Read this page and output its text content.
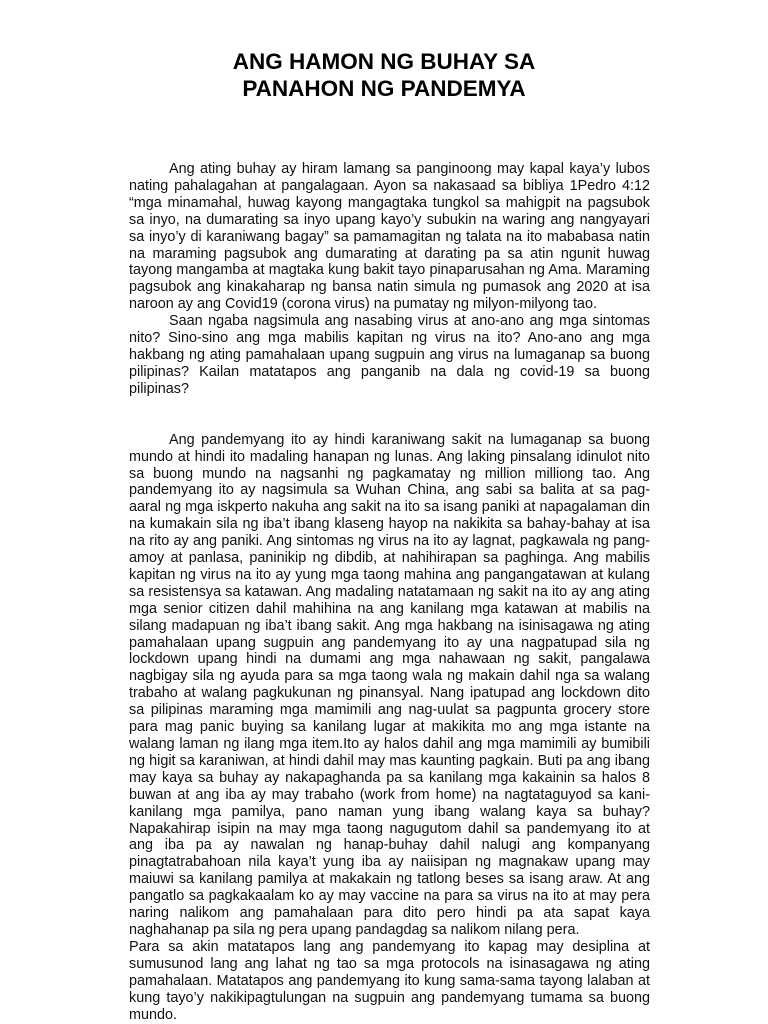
ANG HAMON NG BUHAY SA
PANAHON NG PANDEMYA

Ang ating buhay ay hiram lamang sa panginoong may kapal kaya’y lubos nating pahalagahan at pangalagaan. Ayon sa nakasaad sa bibliya 1Pedro 4:12 “mga minamahal, huwag kayong mangagtaka tungkol sa mahigpit na pagsubok sa inyo, na dumarating sa inyo upang kayo’y subukin na waring ang nangyayari sa inyo’y di karaniwang bagay” sa pamamagitan ng talata na ito mababasa natin na maraming pagsubok ang dumarating at darating pa sa atin ngunit huwag tayong mangamba at magtaka kung bakit tayo pinaparusahan ng Ama. Maraming pagsubok ang kinakaharap ng bansa natin simula ng pumasok ang 2020 at isa naroon ay ang Covid19 (corona virus) na pumatay ng milyon-milyong tao.

Saan ngaba nagsimula ang nasabing virus at ano-ano ang mga sintomas nito? Sino-sino ang mga mabilis kapitan ng virus na ito? Ano-ano ang mga hakbang ng ating pamahalaan upang sugpuin ang virus na lumaganap sa buong pilipinas? Kailan matatapos ang panganib na dala ng covid-19 sa buong pilipinas?

Ang pandemyang ito ay hindi karaniwang sakit na lumaganap sa buong mundo at hindi ito madaling hanapan ng lunas. Ang laking pinsalang idinulot nito sa buong mundo na nagsanhi ng pagkamatay ng million milliong tao. Ang pandemyang ito ay nagsimula sa Wuhan China, ang sabi sa balita at sa pag-aaral ng mga iskperto nakuha ang sakit na ito sa isang paniki at napagalaman din na kumakain sila ng iba’t ibang klaseng hayop na nakikita sa bahay-bahay at isa na rito ay ang paniki. Ang sintomas ng virus na ito ay lagnat, pagkawala ng pang-amoy at panlasa, paninikip ng dibdib, at nahihirapan sa paghinga. Ang mabilis kapitan ng virus na ito ay yung mga taong mahina ang pangangatawan at kulang sa resistensya sa katawan. Ang madaling natatamaan ng sakit na ito ay ang ating mga senior citizen dahil mahihina na ang kanilang mga katawan at mabilis na silang madapuan ng iba’t ibang sakit. Ang mga hakbang na isinisagawa ng ating pamahalaan upang sugpuin ang pandemyang ito ay una nagpatupad sila ng lockdown upang hindi na dumami ang mga nahawaan ng sakit, pangalawa nagbigay sila ng ayuda para sa mga taong wala ng makain dahil nga sa walang trabaho at walang pagkukunan ng pinansyal. Nang ipatupad ang lockdown dito sa pilipinas maraming mga mamimili ang nag-uulat sa pagpunta grocery store para mag panic buying sa kanilang lugar at makikita mo ang mga istante na walang laman ng ilang mga item.Ito ay halos dahil ang mga mamimili ay bumibili ng higit sa karaniwan, at hindi dahil may mas kaunting pagkain. Buti pa ang ibang may kaya sa buhay ay nakapaghanda pa sa kanilang mga kakainin sa halos 8 buwan at ang iba ay may trabaho (work from home) na nagtataguyod sa kani-kanilang mga pamilya, pano naman yung ibang walang kaya sa buhay? Napakahirap isipin na may mga taong nagugutom dahil sa pandemyang ito at ang iba pa ay nawalan ng hanap-buhay dahil nalugi ang kompanyang pinagtatrabahoan nila kaya’t yung iba ay naiisipan ng magnakaw upang may maiuwi sa kanilang pamilya at makakain ng tatlong beses sa isang araw. At ang pangatlo sa pagkakaalam ko ay may vaccine na para sa virus na ito at may pera naring nalikom ang pamahalaan para dito pero hindi pa ata sapat kaya naghahanap pa sila ng pera upang pandagdag sa nalikom nilang pera.

Para sa akin matatapos lang ang pandemyang ito kapag may desiplina at sumusunod lang ang lahat ng tao sa mga protocols na isinasagawa ng ating pamahalaan. Matatapos ang pandemyang ito kung sama-sama tayong lalaban at kung tayo’y nakikipagtulungan na sugpuin ang pandemyang tumama sa buong mundo.
